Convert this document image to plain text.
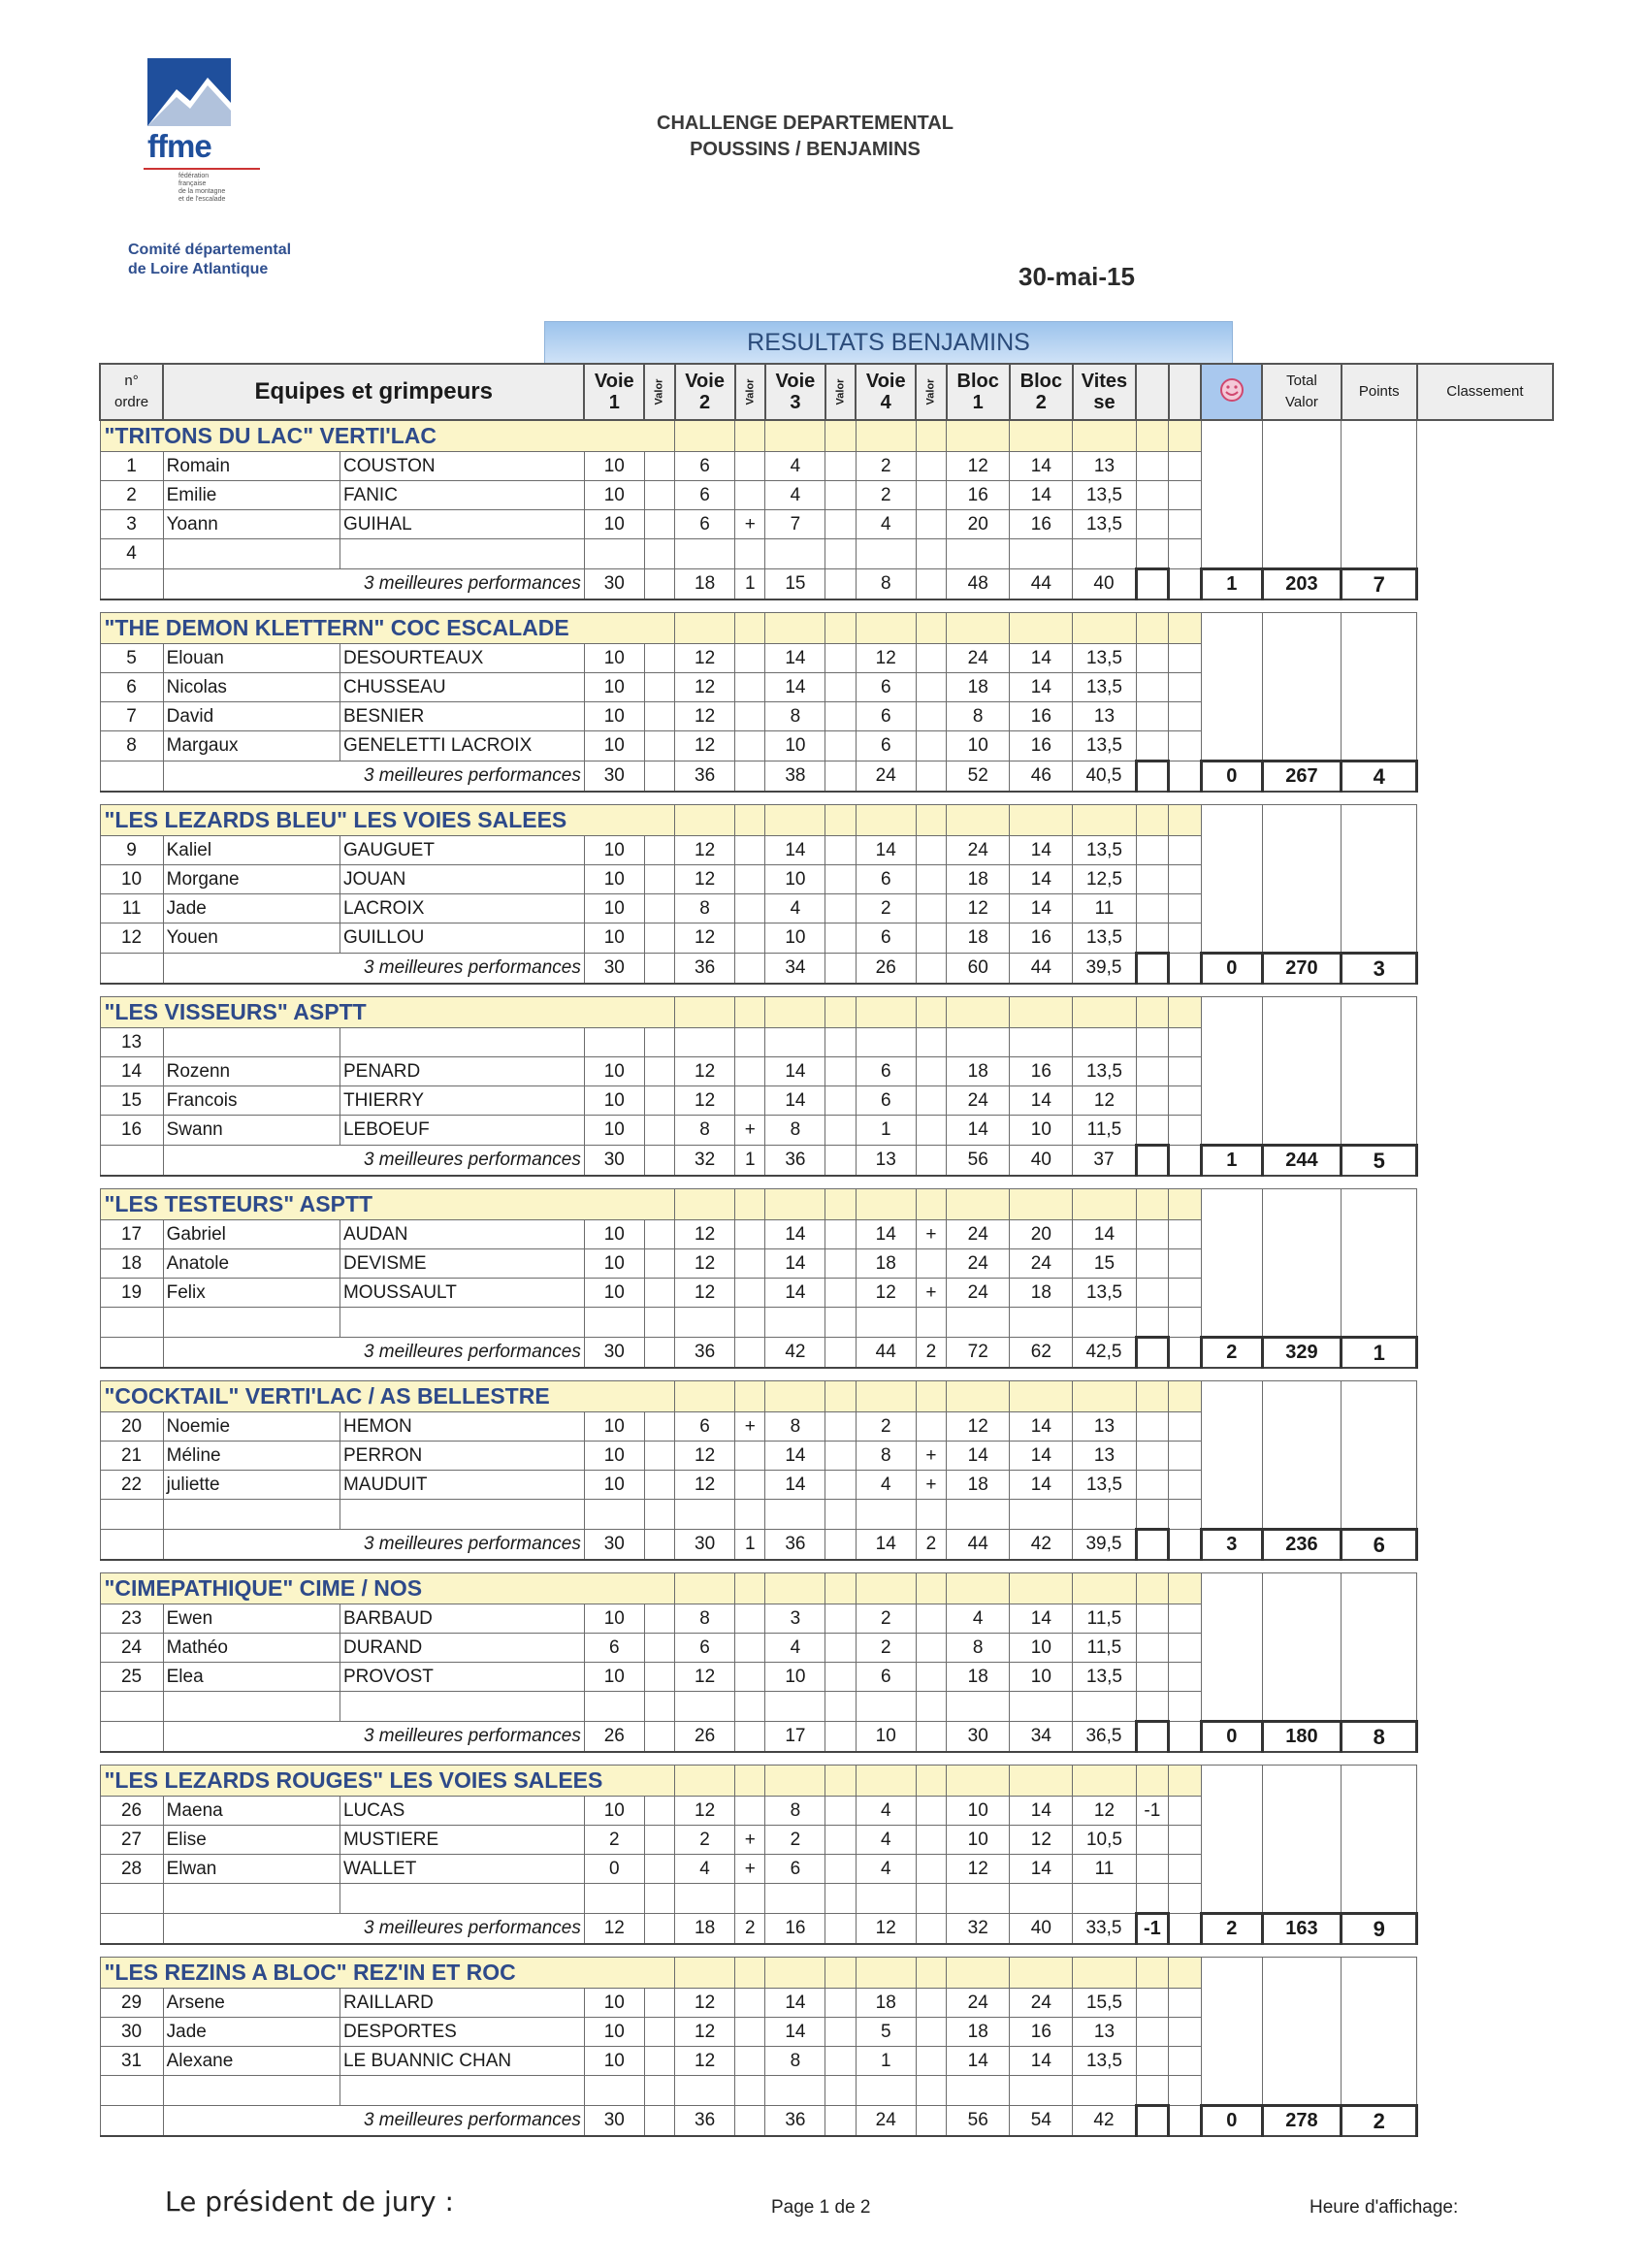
ffme
fédération
française
de la montagne
et de l'escalade
Comité départemental
de Loire Atlantique
CHALLENGE DEPARTEMENTAL
POUSSINS / BENJAMINS
30-mai-15
RESULTATS BENJAMINS
n°
ordre	Equipes et grimpeurs		Voie
1	Valor	Voie
2	Valor	Voie
3	Valor	Voie
4	Valor	Bloc
1	Bloc
2	Vites
se				Total
Valor	Points	Classement
"TRITONS DU LAC" VERTI'LAC																			
1	Romain	COUSTON	10		6		4		2		12	14	13						
2	Emilie	FANIC	10		6		4		2		16	14	13,5						
3	Yoann	GUIHAL	10		6	+	7		4		20	16	13,5						
4																			
	3 meilleures performances		30		18	1	15		8		48	44	40			1	203	7	

"THE DEMON KLETTERN" COC ESCALADE																			
5	Elouan	DESOURTEAUX	10		12		14		12		24	14	13,5						
6	Nicolas	CHUSSEAU	10		12		14		6		18	14	13,5						
7	David	BESNIER	10		12		8		6		8	16	13						
8	Margaux	GENELETTI LACROIX	10		12		10		6		10	16	13,5						
	3 meilleures performances		30		36		38		24		52	46	40,5			0	267	4	

"LES LEZARDS BLEU" LES VOIES SALEES																			
9	Kaliel	GAUGUET	10		12		14		14		24	14	13,5						
10	Morgane	JOUAN	10		12		10		6		18	14	12,5						
11	Jade	LACROIX	10		8		4		2		12	14	11						
12	Youen	GUILLOU	10		12		10		6		18	16	13,5						
	3 meilleures performances		30		36		34		26		60	44	39,5			0	270	3	

"LES VISSEURS" ASPTT																			
13																			
14	Rozenn	PENARD	10		12		14		6		18	16	13,5						
15	Francois	THIERRY	10		12		14		6		24	14	12						
16	Swann	LEBOEUF	10		8	+	8		1		14	10	11,5						
	3 meilleures performances		30		32	1	36		13		56	40	37			1	244	5	

"LES TESTEURS" ASPTT																			
17	Gabriel	AUDAN	10		12		14		14	+	24	20	14						
18	Anatole	DEVISME	10		12		14		18		24	24	15						
19	Felix	MOUSSAULT	10		12		14		12	+	24	18	13,5						

	3 meilleures performances		30		36		42		44	2	72	62	42,5			2	329	1	

"COCKTAIL" VERTI'LAC / AS BELLESTRE																			
20	Noemie	HEMON	10		6	+	8		2		12	14	13						
21	Méline	PERRON	10		12		14		8	+	14	14	13						
22	juliette	MAUDUIT	10		12		14		4	+	18	14	13,5						

	3 meilleures performances		30		30	1	36		14	2	44	42	39,5			3	236	6	

"CIMEPATHIQUE" CIME / NOS																			
23	Ewen	BARBAUD	10		8		3		2		4	14	11,5						
24	Mathéo	DURAND	6		6		4		2		8	10	11,5						
25	Elea	PROVOST	10		12		10		6		18	10	13,5						

	3 meilleures performances		26		26		17		10		30	34	36,5			0	180	8	

"LES LEZARDS ROUGES" LES VOIES SALEES																			
26	Maena	LUCAS	10		12		8		4		10	14	12	-1					
27	Elise	MUSTIERE	2		2	+	2		4		10	12	10,5						
28	Elwan	WALLET	0		4	+	6		4		12	14	11						

	3 meilleures performances		12		18	2	16		12		32	40	33,5	-1		2	163	9	

"LES REZINS A BLOC" REZ'IN ET ROC																			
29	Arsene	RAILLARD	10		12		14		18		24	24	15,5						
30	Jade	DESPORTES	10		12		14		5		18	16	13						
31	Alexane	LE BUANNIC CHAN	10		12		8		1		14	14	13,5						

	3 meilleures performances		30		36		36		24		56	54	42			0	278	2	
Le président de jury :	Page 1 de 2	Heure d'affichage:
